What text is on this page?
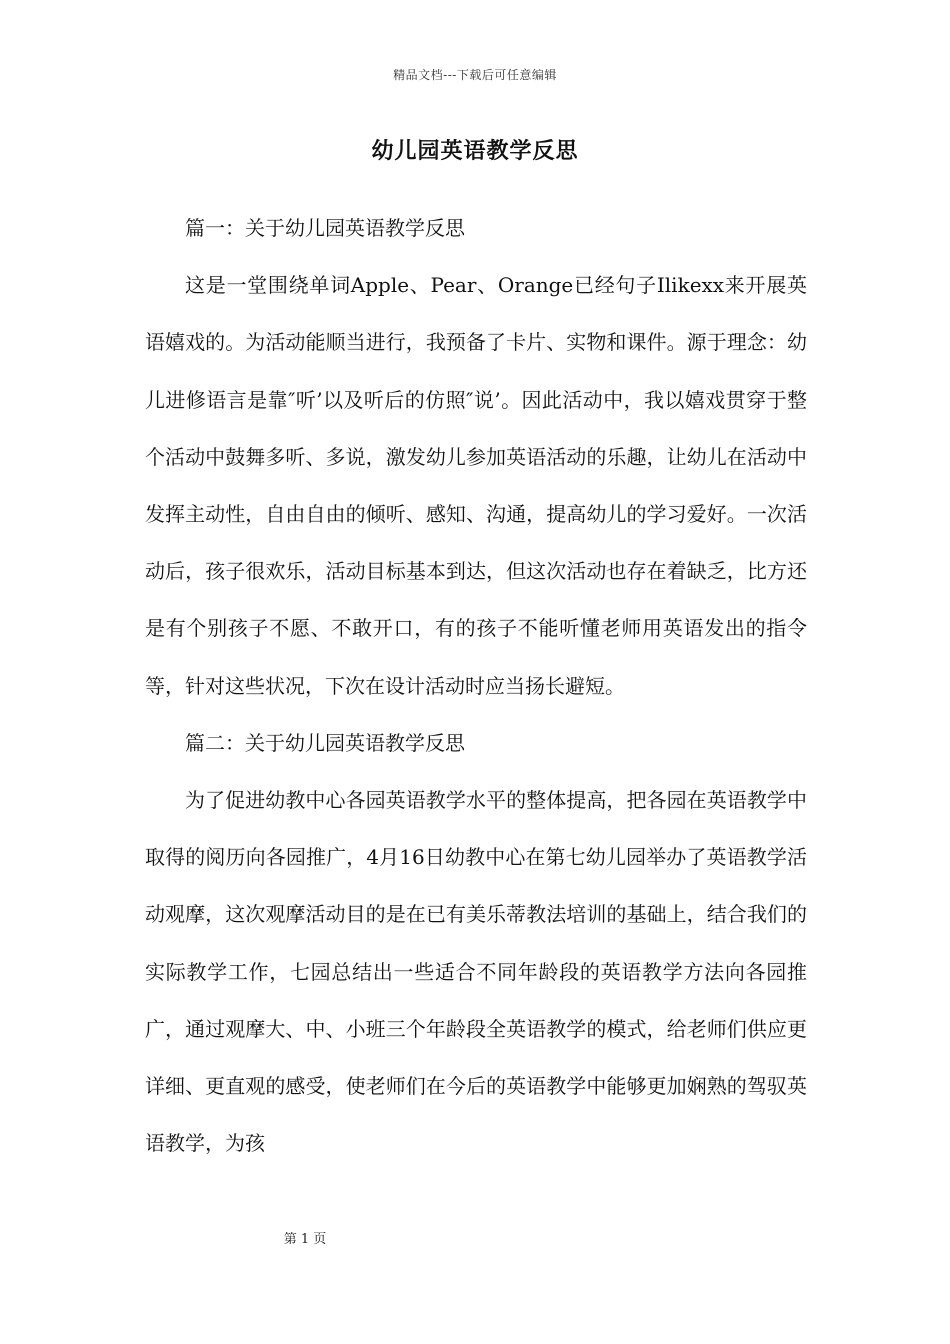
精品文档---下载后可任意编辑
幼儿园英语教学反思

篇一：关于幼儿园英语教学反思

这是一堂围绕单词Apple、Pear、Orange已经句子Ilikexx来开展英语嬉戏的。为活动能顺当进行，我预备了卡片、实物和课件。源于理念：幼儿进修语言是靠″听’以及听后的仿照″说’。因此活动中，我以嬉戏贯穿于整个活动中鼓舞多听、多说，激发幼儿参加英语活动的乐趣，让幼儿在活动中发挥主动性，自由自由的倾听、感知、沟通，提高幼儿的学习爱好。一次活动后，孩子很欢乐，活动目标基本到达，但这次活动也存在着缺乏，比方还是有个别孩子不愿、不敢开口，有的孩子不能听懂老师用英语发出的指令等，针对这些状况，下次在设计活动时应当扬长避短。

篇二：关于幼儿园英语教学反思

为了促进幼教中心各园英语教学水平的整体提高，把各园在英语教学中取得的阅历向各园推广，4月16日幼教中心在第七幼儿园举办了英语教学活动观摩，这次观摩活动目的是在已有美乐蒂教法培训的基础上，结合我们的实际教学工作，七园总结出一些适合不同年龄段的英语教学方法向各园推广，通过观摩大、中、小班三个年龄段全英语教学的模式，给老师们供应更详细、更直观的感受，使老师们在今后的英语教学中能够更加娴熟的驾驭英语教学，为孩

第 1 页
